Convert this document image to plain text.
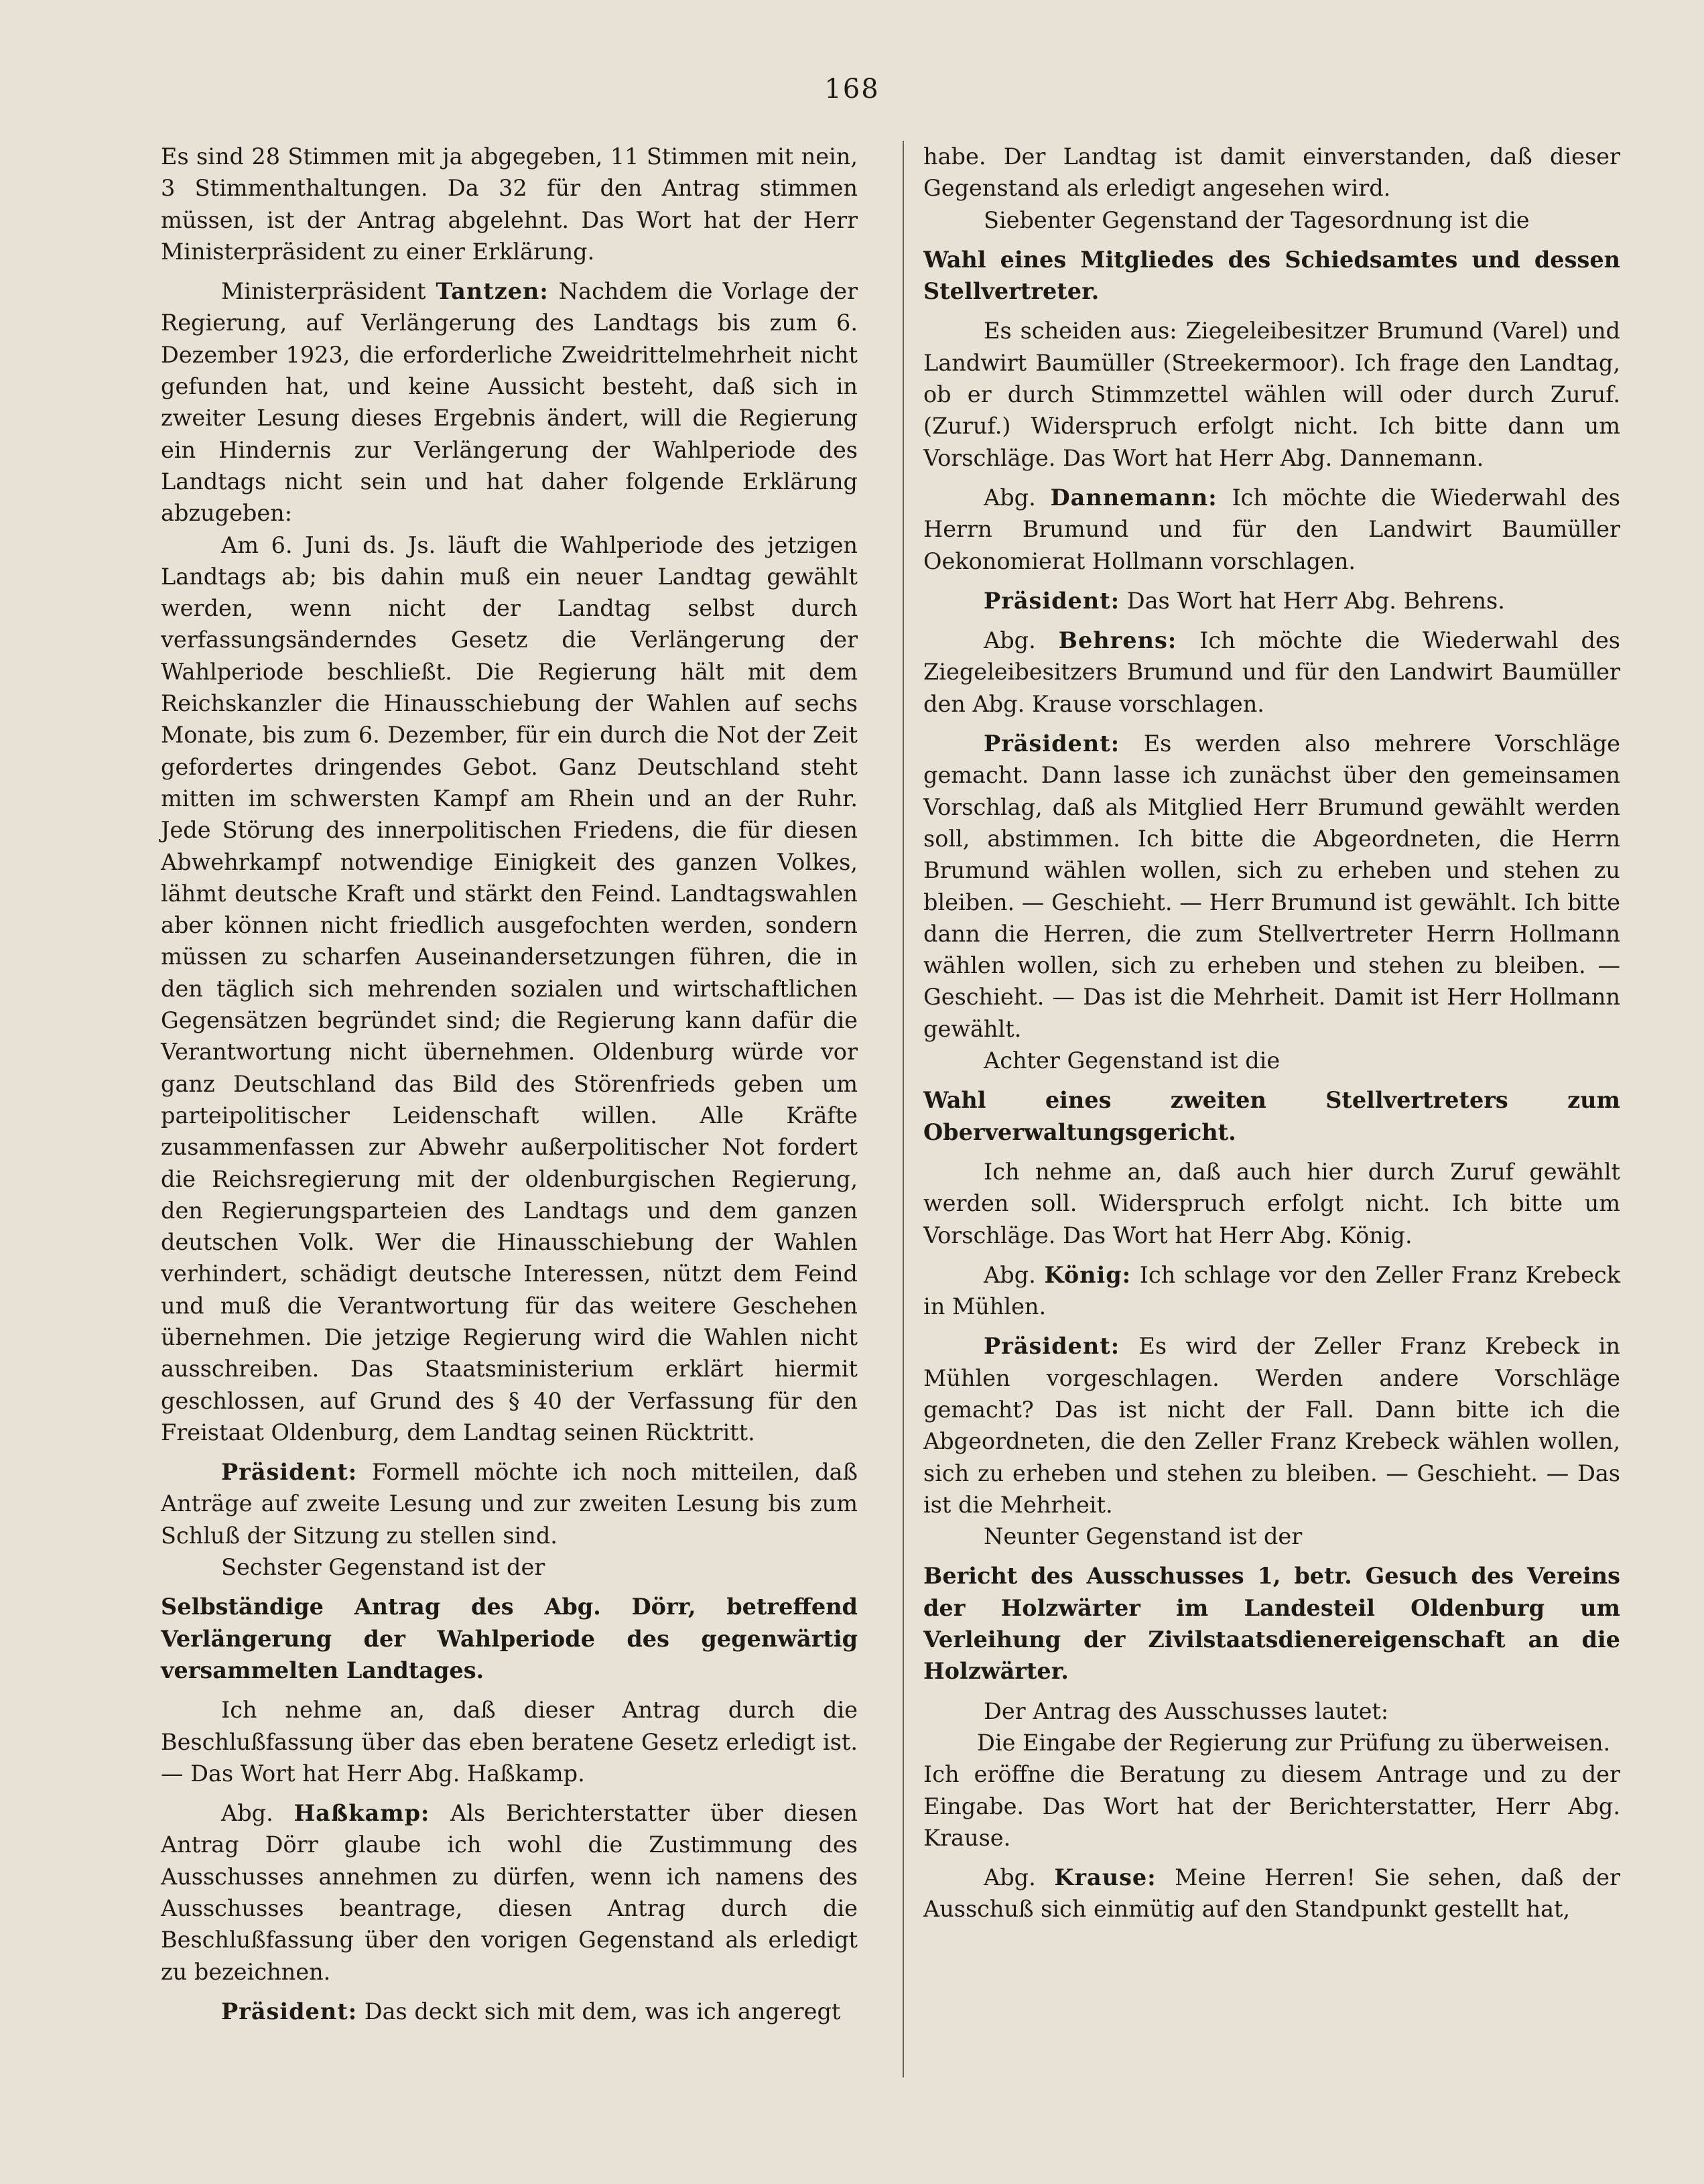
168

Es sind 28 Stimmen mit ja abgegeben, 11 Stimmen mit nein, 3 Stimmenthaltungen. Da 32 für den Antrag stimmen müssen, ist der Antrag abgelehnt. Das Wort hat der Herr Ministerpräsident zu einer Erklärung.

Ministerpräsident Tantzen: Nachdem die Vorlage der Regierung, auf Verlängerung des Landtags bis zum 6. Dezember 1923, die erforderliche Zweidrittelmehrheit nicht gefunden hat, und keine Aussicht besteht, daß sich in zweiter Lesung dieses Ergebnis ändert, will die Regierung ein Hindernis zur Verlängerung der Wahlperiode des Landtags nicht sein und hat daher folgende Erklärung abzugeben:

Am 6. Juni ds. Js. läuft die Wahlperiode des jetzigen Landtags ab; bis dahin muß ein neuer Landtag gewählt werden, wenn nicht der Landtag selbst durch verfassungsänderndes Gesetz die Verlängerung der Wahlperiode beschließt. Die Regierung hält mit dem Reichskanzler die Hinausschiebung der Wahlen auf sechs Monate, bis zum 6. Dezember, für ein durch die Not der Zeit gefordertes dringendes Gebot. Ganz Deutschland steht mitten im schwersten Kampf am Rhein und an der Ruhr. Jede Störung des innerpolitischen Friedens, die für diesen Abwehrkampf notwendige Einigkeit des ganzen Volkes, lähmt deutsche Kraft und stärkt den Feind. Landtagswahlen aber können nicht friedlich ausgefochten werden, sondern müssen zu scharfen Auseinandersetzungen führen, die in den täglich sich mehrenden sozialen und wirtschaftlichen Gegensätzen begründet sind; die Regierung kann dafür die Verantwortung nicht übernehmen. Oldenburg würde vor ganz Deutschland das Bild des Störenfrieds geben um parteipolitischer Leidenschaft willen. Alle Kräfte zusammenfassen zur Abwehr außerpolitischer Not fordert die Reichsregierung mit der oldenburgischen Regierung, den Regierungsparteien des Landtags und dem ganzen deutschen Volk. Wer die Hinausschiebung der Wahlen verhindert, schädigt deutsche Interessen, nützt dem Feind und muß die Verantwortung für das weitere Geschehen übernehmen. Die jetzige Regierung wird die Wahlen nicht ausschreiben. Das Staatsministerium erklärt hiermit geschlossen, auf Grund des § 40 der Verfassung für den Freistaat Oldenburg, dem Landtag seinen Rücktritt.

Präsident: Formell möchte ich noch mitteilen, daß Anträge auf zweite Lesung und zur zweiten Lesung bis zum Schluß der Sitzung zu stellen sind.

Sechster Gegenstand ist der

Selbständige Antrag des Abg. Dörr, betreffend Verlängerung der Wahlperiode des gegenwärtig versammelten Landtages.

Ich nehme an, daß dieser Antrag durch die Beschlußfassung über das eben beratene Gesetz erledigt ist. — Das Wort hat Herr Abg. Haßkamp.

Abg. Haßkamp: Als Berichterstatter über diesen Antrag Dörr glaube ich wohl die Zustimmung des Ausschusses annehmen zu dürfen, wenn ich namens des Ausschusses beantrage, diesen Antrag durch die Beschlußfassung über den vorigen Gegenstand als erledigt zu bezeichnen.

Präsident: Das deckt sich mit dem, was ich angeregt

habe. Der Landtag ist damit einverstanden, daß dieser Gegenstand als erledigt angesehen wird.

Siebenter Gegenstand der Tagesordnung ist die

Wahl eines Mitgliedes des Schiedsamtes und dessen Stellvertreter.

Es scheiden aus: Ziegeleibesitzer Brumund (Varel) und Landwirt Baumüller (Streekermoor). Ich frage den Landtag, ob er durch Stimmzettel wählen will oder durch Zuruf. (Zuruf.) Widerspruch erfolgt nicht. Ich bitte dann um Vorschläge. Das Wort hat Herr Abg. Dannemann.

Abg. Dannemann: Ich möchte die Wiederwahl des Herrn Brumund und für den Landwirt Baumüller Oekonomierat Hollmann vorschlagen.

Präsident: Das Wort hat Herr Abg. Behrens.

Abg. Behrens: Ich möchte die Wiederwahl des Ziegeleibesitzers Brumund und für den Landwirt Baumüller den Abg. Krause vorschlagen.

Präsident: Es werden also mehrere Vorschläge gemacht. Dann lasse ich zunächst über den gemeinsamen Vorschlag, daß als Mitglied Herr Brumund gewählt werden soll, abstimmen. Ich bitte die Abgeordneten, die Herrn Brumund wählen wollen, sich zu erheben und stehen zu bleiben. — Geschieht. — Herr Brumund ist gewählt. Ich bitte dann die Herren, die zum Stellvertreter Herrn Hollmann wählen wollen, sich zu erheben und stehen zu bleiben. — Geschieht. — Das ist die Mehrheit. Damit ist Herr Hollmann gewählt.

Achter Gegenstand ist die

Wahl eines zweiten Stellvertreters zum Oberverwaltungsgericht.

Ich nehme an, daß auch hier durch Zuruf gewählt werden soll. Widerspruch erfolgt nicht. Ich bitte um Vorschläge. Das Wort hat Herr Abg. König.

Abg. König: Ich schlage vor den Zeller Franz Krebeck in Mühlen.

Präsident: Es wird der Zeller Franz Krebeck in Mühlen vorgeschlagen. Werden andere Vorschläge gemacht? Das ist nicht der Fall. Dann bitte ich die Abgeordneten, die den Zeller Franz Krebeck wählen wollen, sich zu erheben und stehen zu bleiben. — Geschieht. — Das ist die Mehrheit.

Neunter Gegenstand ist der

Bericht des Ausschusses 1, betr. Gesuch des Vereins der Holzwärter im Landesteil Oldenburg um Verleihung der Zivilstaatsdienereigenschaft an die Holzwärter.

Der Antrag des Ausschusses lautet:

Die Eingabe der Regierung zur Prüfung zu überweisen.

Ich eröffne die Beratung zu diesem Antrage und zu der Eingabe. Das Wort hat der Berichterstatter, Herr Abg. Krause.

Abg. Krause: Meine Herren! Sie sehen, daß der Ausschuß sich einmütig auf den Standpunkt gestellt hat,
